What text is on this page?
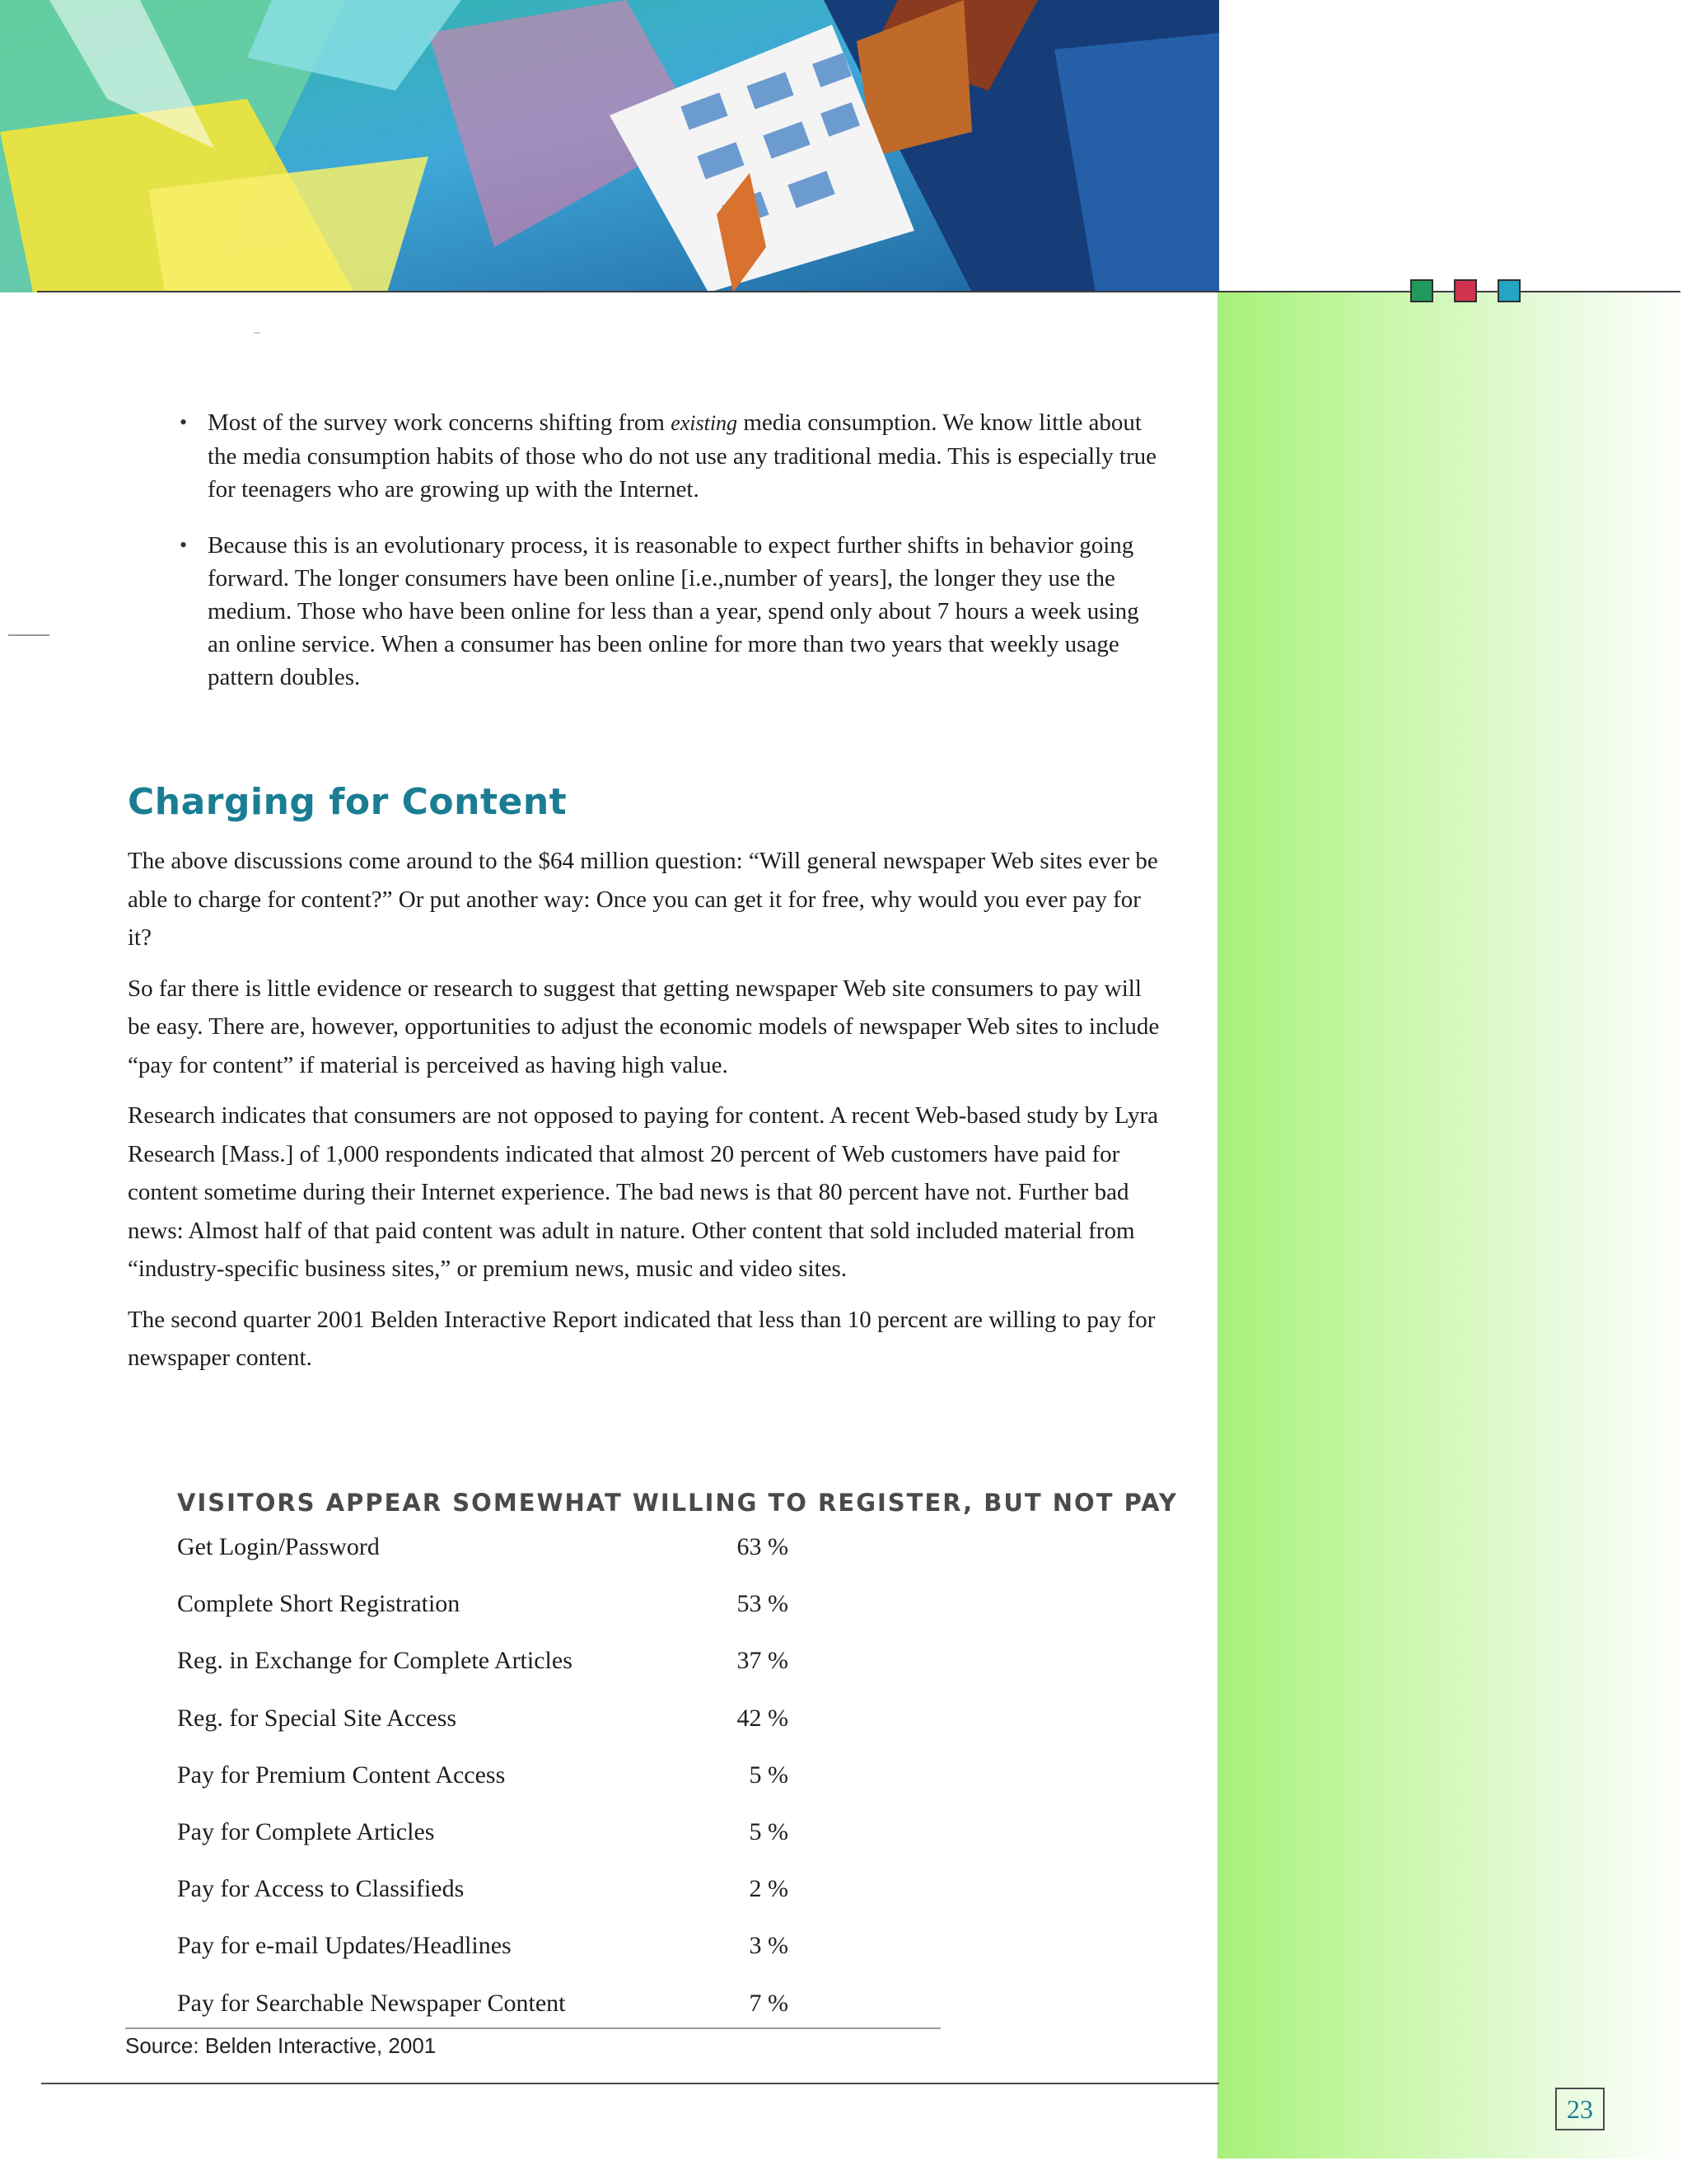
• Most of the survey work concerns shifting from existing media consumption. We know little about the media consumption habits of those who do not use any traditional media. This is especially true for teenagers who are growing up with the Internet.
• Because this is an evolutionary process, it is reasonable to expect further shifts in behavior going forward. The longer consumers have been online [i.e.,number of years], the longer they use the medium. Those who have been online for less than a year, spend only about 7 hours a week using an online service. When a consumer has been online for more than two years that weekly usage pattern doubles.
Charging for Content

The above discussions come around to the $64 million question: “Will general newspaper Web sites ever be able to charge for content?” Or put another way: Once you can get it for free, why would you ever pay for it?

So far there is little evidence or research to suggest that getting newspaper Web site consumers to pay will be easy. There are, however, opportunities to adjust the economic models of newspaper Web sites to include “pay for content” if material is perceived as having high value.

Research indicates that consumers are not opposed to paying for content. A recent Web-based study by Lyra Research [Mass.] of 1,000 respondents indicated that almost 20 percent of Web customers have paid for content sometime during their Internet experience. The bad news is that 80 percent have not. Further bad news: Almost half of that paid content was adult in nature. Other content that sold included material from “industry-specific business sites,” or premium news, music and video sites.

The second quarter 2001 Belden Interactive Report indicated that less than 10 percent are willing to pay for newspaper content.

VISITORS APPEAR SOMEWHAT WILLING TO REGISTER, BUT NOT PAY
Get Login/Password	63 %
Complete Short Registration	53 %
Reg. in Exchange for Complete Articles	37 %
Reg. for Special Site Access	42 %
Pay for Premium Content Access	5 %
Pay for Complete Articles	5 %
Pay for Access to Classifieds	2 %
Pay for e-mail Updates/Headlines	3 %
Pay for Searchable Newspaper Content	7 %

Source: Belden Interactive, 2001

23
